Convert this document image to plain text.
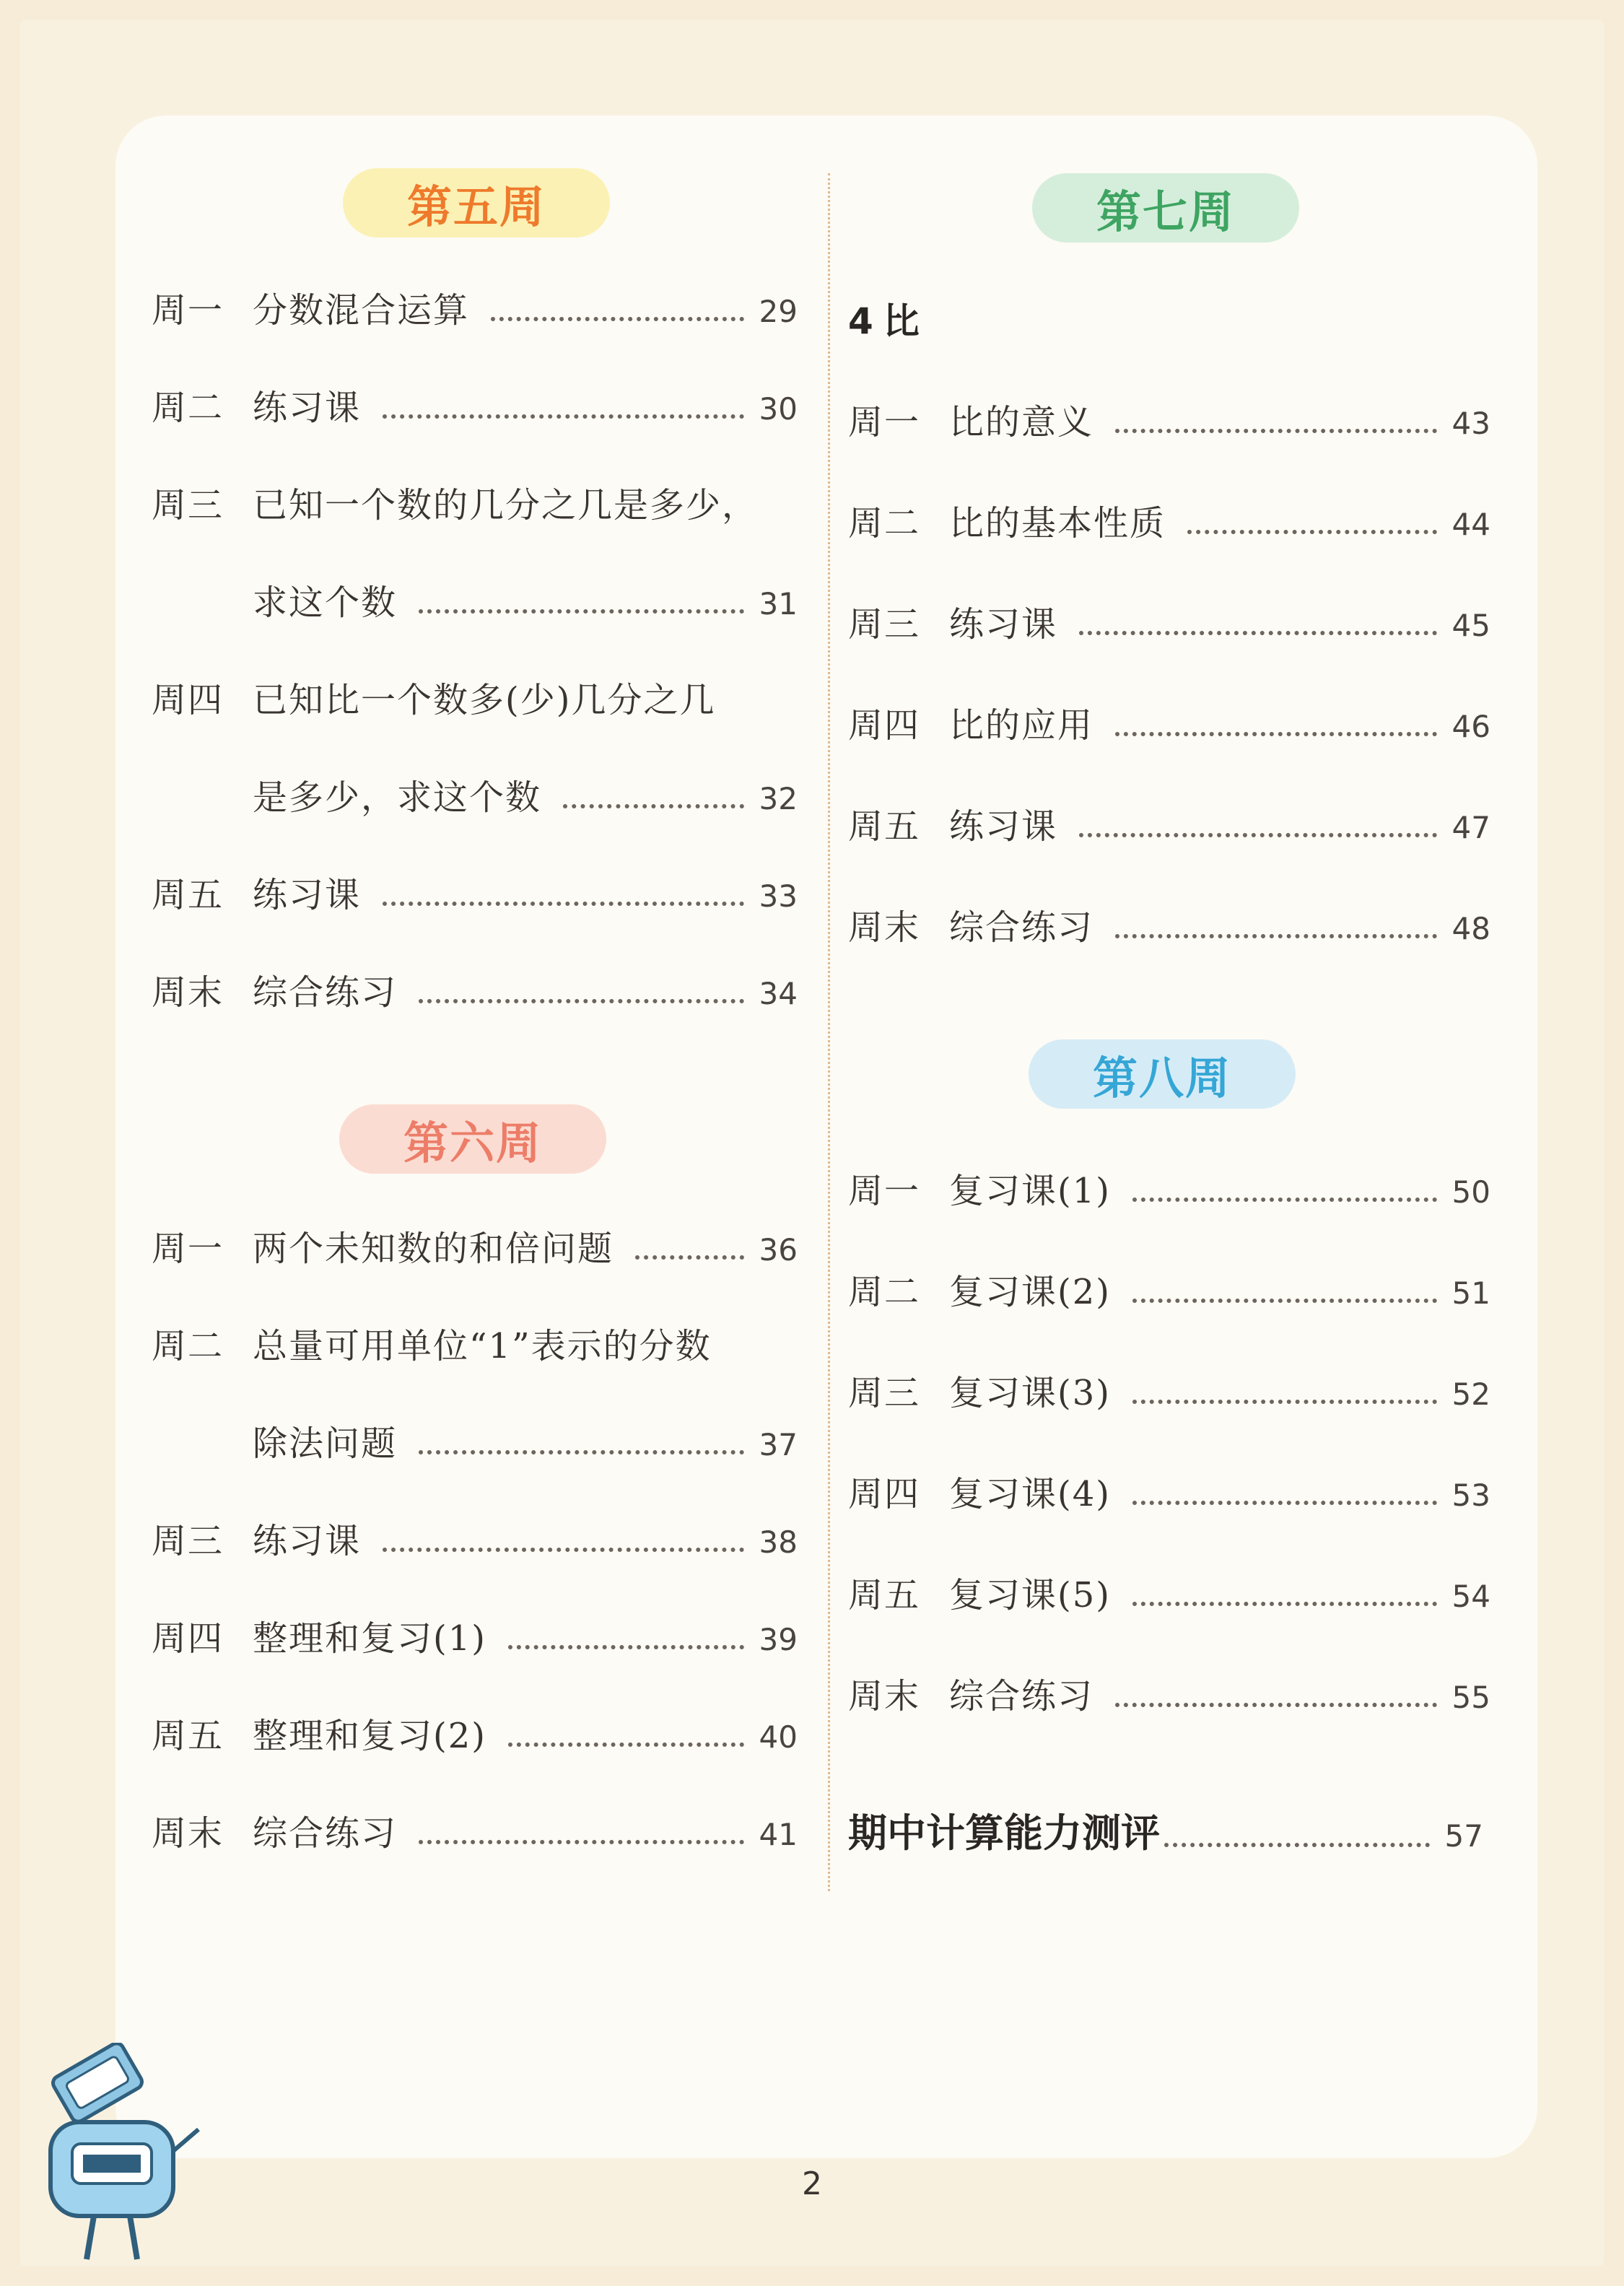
第五周
周一 分数混合运算	29
周二 练习课	30
周三 已知一个数的几分之几是多少，
求这个数	31
周四 已知比一个数多(少)几分之几
是多少，求这个数	32
周五 练习课	33
周末 综合练习	34
第六周
周一 两个未知数的和倍问题	36
周二 总量可用单位“1”表示的分数
除法问题	37
周三 练习课	38
周四 整理和复习(1)	39
周五 整理和复习(2)	40
周末 综合练习	41
第七周
4比
周一 比的意义	43
周二 比的基本性质	44
周三 练习课	45
周四 比的应用	46
周五 练习课	47
周末 综合练习	48
第八周
周一 复习课(1)	50
周二 复习课(2)	51
周三 复习课(3)	52
周四 复习课(4)	53
周五 复习课(5)	54
周末 综合练习	55
期中计算能力测评	57
2
